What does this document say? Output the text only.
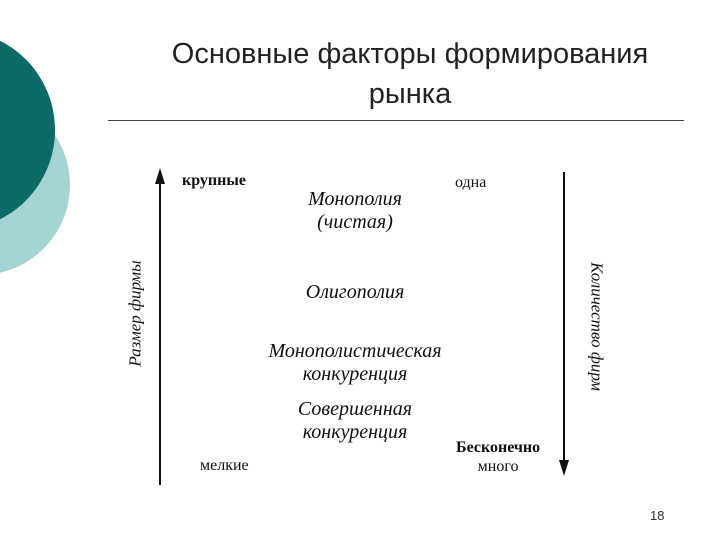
Основные факторы формирования
рынка
Размер фирмы	Количество фирм
крупные
мелкие
одна
Бесконечно
много
Монополия
(чистая)
Олигополия
Монополистическая
конкуренция
Совершенная
конкуренция
18
